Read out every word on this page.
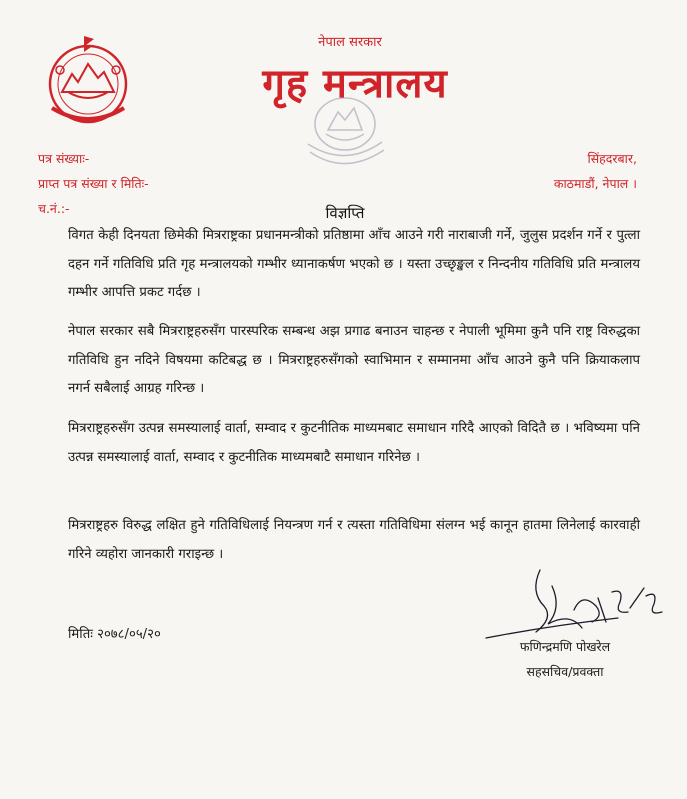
नेपाल सरकार
गृह मन्त्रालय
पत्र संख्याः-
प्राप्त पत्र संख्या र मितिः-
च.नं.:-
सिंहदरबार,
काठमाडौं, नेपाल ।
विज्ञप्ति

विगत केही दिनयता छिमेकी मित्रराष्ट्रका प्रधानमन्त्रीको प्रतिष्ठामा आँच आउने गरी नाराबाजी गर्ने, जुलुस प्रदर्शन गर्ने र पुत्ला दहन गर्ने गतिविधि प्रति गृह मन्त्रालयको गम्भीर ध्यानाकर्षण भएको छ । यस्ता उच्छृङ्खल र निन्दनीय गतिविधि प्रति मन्त्रालय गम्भीर आपत्ति प्रकट गर्दछ ।

नेपाल सरकार सबै मित्रराष्ट्रहरुसँग पारस्परिक सम्बन्ध अझ प्रगाढ बनाउन चाहन्छ र नेपाली भूमिमा कुनै पनि राष्ट्र विरुद्धका गतिविधि हुन नदिने विषयमा कटिबद्ध छ । मित्रराष्ट्रहरुसँगको स्वाभिमान र सम्मानमा आँच आउने कुनै पनि क्रियाकलाप नगर्न सबैलाई आग्रह गरिन्छ ।

मित्रराष्ट्रहरुसँग उत्पन्न समस्यालाई वार्ता, सम्वाद र कुटनीतिक माध्यमबाट समाधान गरिदै आएको विदितै छ । भविष्यमा पनि उत्पन्न समस्यालाई वार्ता, सम्वाद र कुटनीतिक माध्यमबाटै समाधान गरिनेछ ।

मित्रराष्ट्रहरु विरुद्ध लक्षित हुने गतिविधिलाई नियन्त्रण गर्न र त्यस्ता गतिविधिमा संलग्न भई कानून हातमा लिनेलाई कारवाही गरिने व्यहोरा जानकारी गराइन्छ ।

मितिः २०७८/०५/२०
फणिन्द्रमणि पोखरेल
सहसचिव/प्रवक्ता
